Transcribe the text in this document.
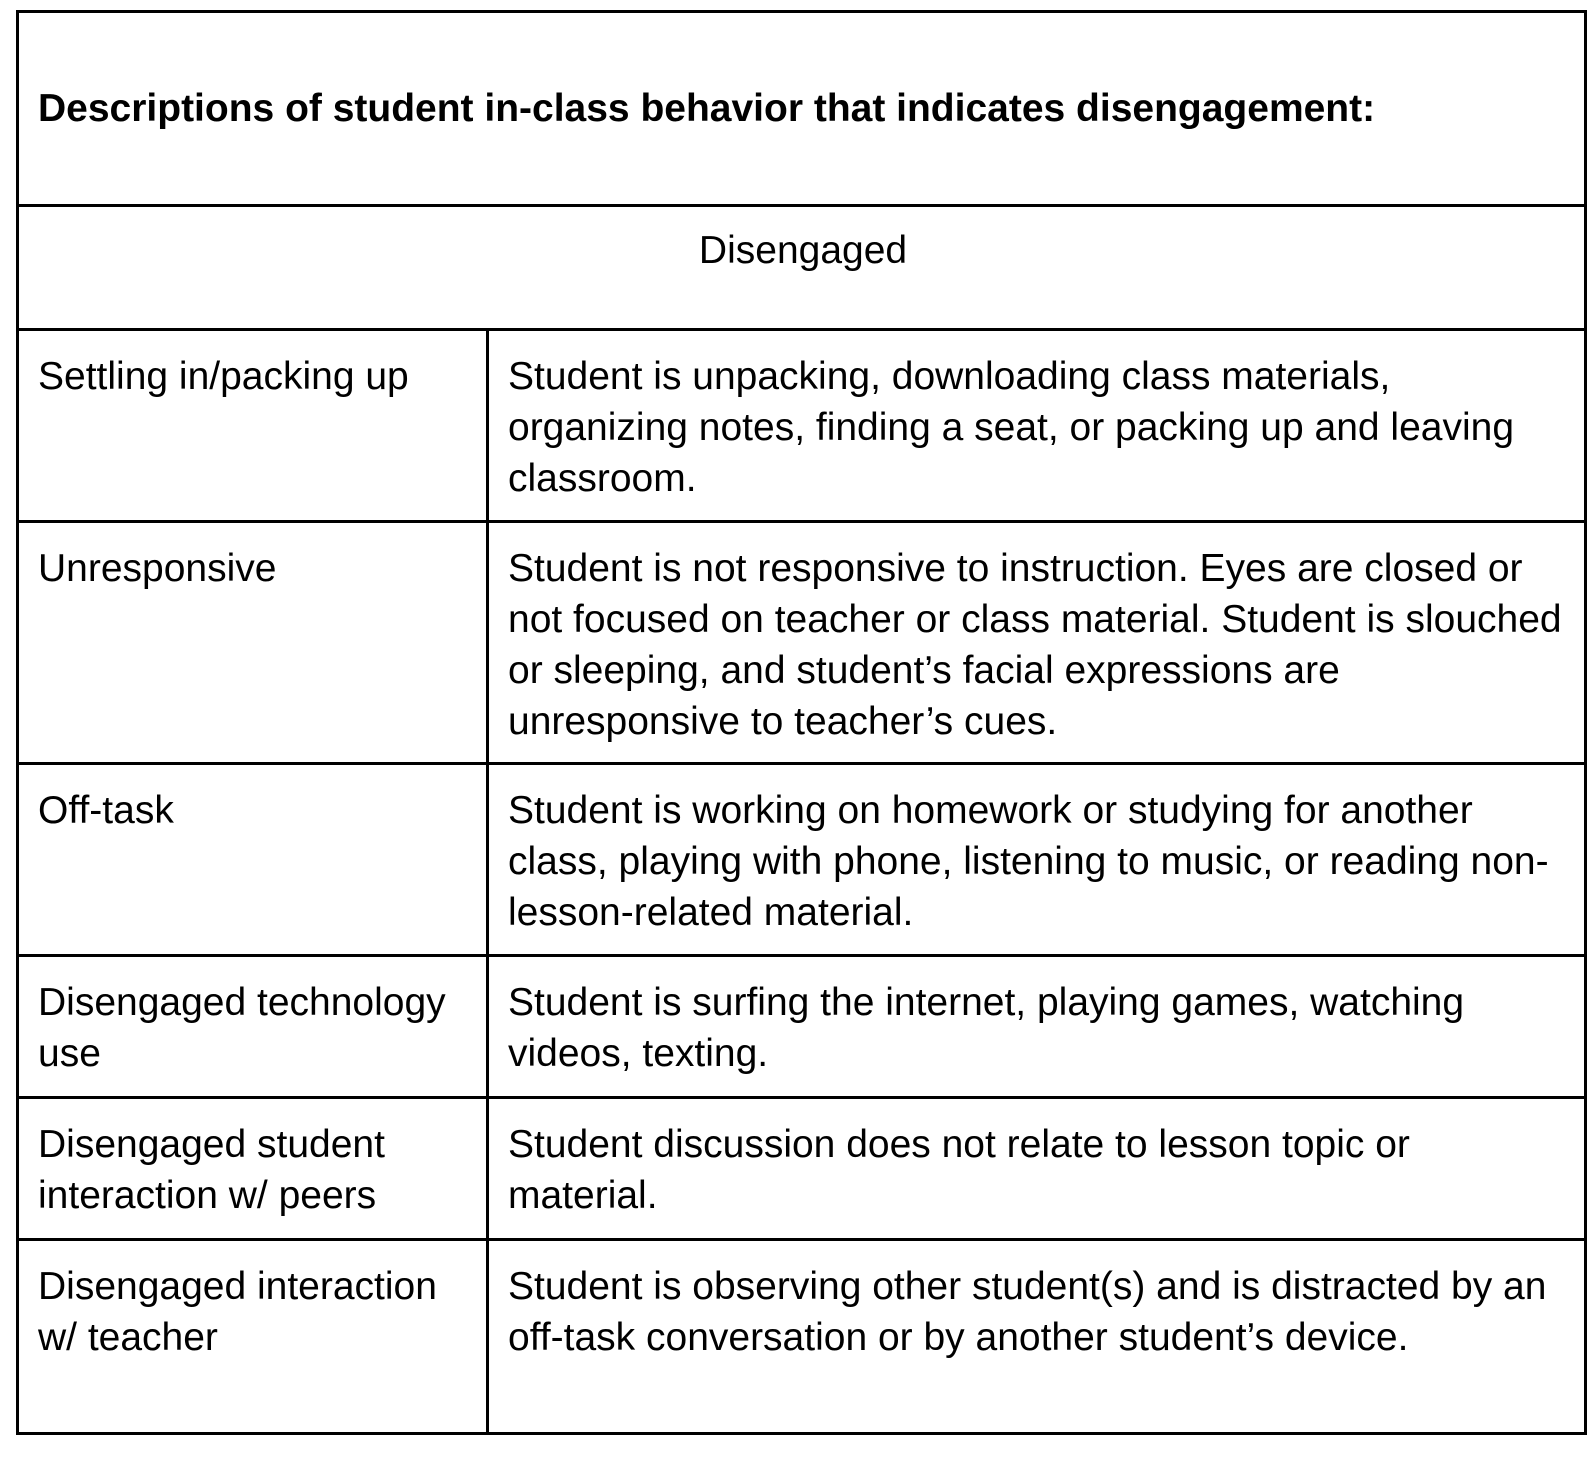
Descriptions of student in-class behavior that indicates disengagement:	
Disengaged	
Settling in/packing up	Student is unpacking, downloading class materials, organizing notes, finding a seat, or packing up and leaving classroom.
Unresponsive	Student is not responsive to instruction. Eyes are closed or not focused on teacher or class material. Student is slouched or sleeping, and student’s facial expressions are unresponsive to teacher’s cues.
Off-task	Student is working on homework or studying for another class, playing with phone, listening to music, or reading non-lesson-related material.
Disengaged technology use	Student is surfing the internet, playing games, watching videos, texting.
Disengaged student interaction w/ peers	Student discussion does not relate to lesson topic or material.
Disengaged interaction w/ teacher	Student is observing other student(s) and is distracted by an off-task conversation or by another student’s device.
